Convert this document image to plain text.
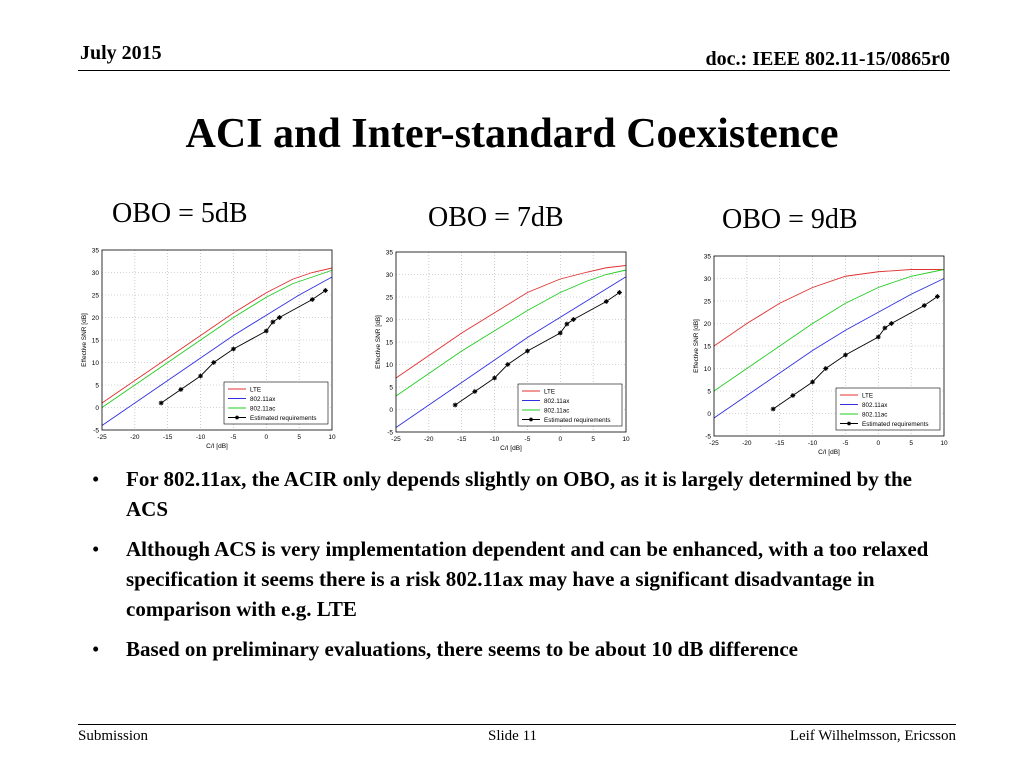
July 2015	doc.: IEEE 802.11-15/0865r0
ACI and Inter-standard Coexistence
OBO = 5dB	OBO = 7dB	OBO = 9dB
-25	-20	-15	-10	-5	0	5	10
-5
0
5
10
15
20
25
30
35
C/I [dB]
Effective SNR [dB]
LTE
802.11ax
802.11ac
Estimated requirements
-25	-20	-15	-10	-5	0	5	10
-5
0
5
10
15
20
25
30
35
C/I [dB]
Effective SNR [dB]
LTE
802.11ax
802.11ac
Estimated requirements
-25	-20	-15	-10	-5	0	5	10
-5
0
5
10
15
20
25
30
35
C/I [dB]
Effective SNR [dB]
LTE
802.11ax
802.11ac
Estimated requirements
• For 802.11ax, the ACIR only depends slightly on OBO, as it is largely determined by the ACS
• Although ACS is very implementation dependent and can be enhanced, with a too relaxed specification it seems there is a risk 802.11ax may have a significant disadvantage in comparison with e.g. LTE
• Based on preliminary evaluations, there seems to be about 10 dB difference
Submission	Slide 11	Leif Wilhelmsson, Ericsson
